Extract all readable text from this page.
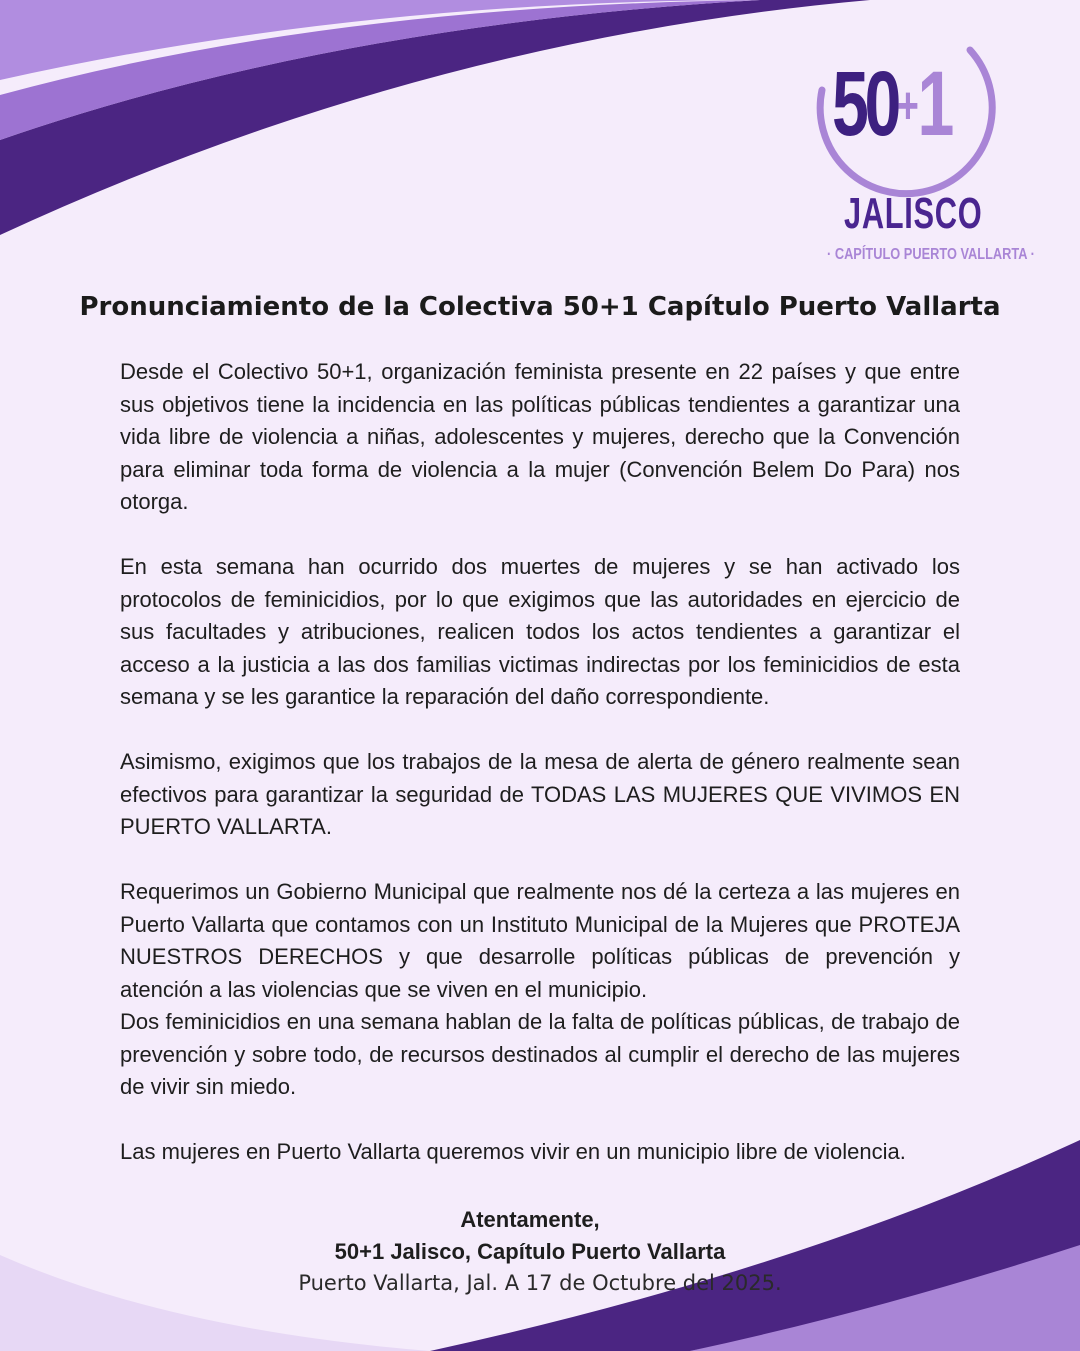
50+1
JALISCO
· CAPÍTULO PUERTO VALLARTA ·
Pronunciamiento de la Colectiva 50+1 Capítulo Puerto Vallarta

Desde el Colectivo 50+1, organización feminista presente en 22 países y que entre sus objetivos tiene la incidencia en las políticas públicas tendientes a garantizar una vida libre de violencia a niñas, adolescentes y mujeres, derecho que la Convención para eliminar toda forma de violencia a la mujer (Convención Belem Do Para) nos otorga.

En esta semana han ocurrido dos muertes de mujeres y se han activado los protocolos de feminicidios, por lo que exigimos que las autoridades en ejercicio de sus facultades y atribuciones, realicen todos los actos tendientes a garantizar el acceso a la justicia a las dos familias victimas indirectas por los feminicidios de esta semana y se les garantice la reparación del daño correspondiente.

Asimismo, exigimos que los trabajos de la mesa de alerta de género realmente sean efectivos para garantizar la seguridad de TODAS LAS MUJERES QUE VIVIMOS EN PUERTO VALLARTA.

Requerimos un Gobierno Municipal que realmente nos dé la certeza a las mujeres en Puerto Vallarta que contamos con un Instituto Municipal de la Mujeres que PROTEJA NUESTROS DERECHOS y que desarrolle políticas públicas de prevención y atención a las violencias que se viven en el municipio.

Dos feminicidios en una semana hablan de la falta de políticas públicas, de trabajo de prevención y sobre todo, de recursos destinados al cumplir el derecho de las mujeres de vivir sin miedo.

Las mujeres en Puerto Vallarta queremos vivir en un municipio libre de violencia.

Atentamente,
50+1 Jalisco, Capítulo Puerto Vallarta
Puerto Vallarta, Jal. A 17 de Octubre del 2025.
